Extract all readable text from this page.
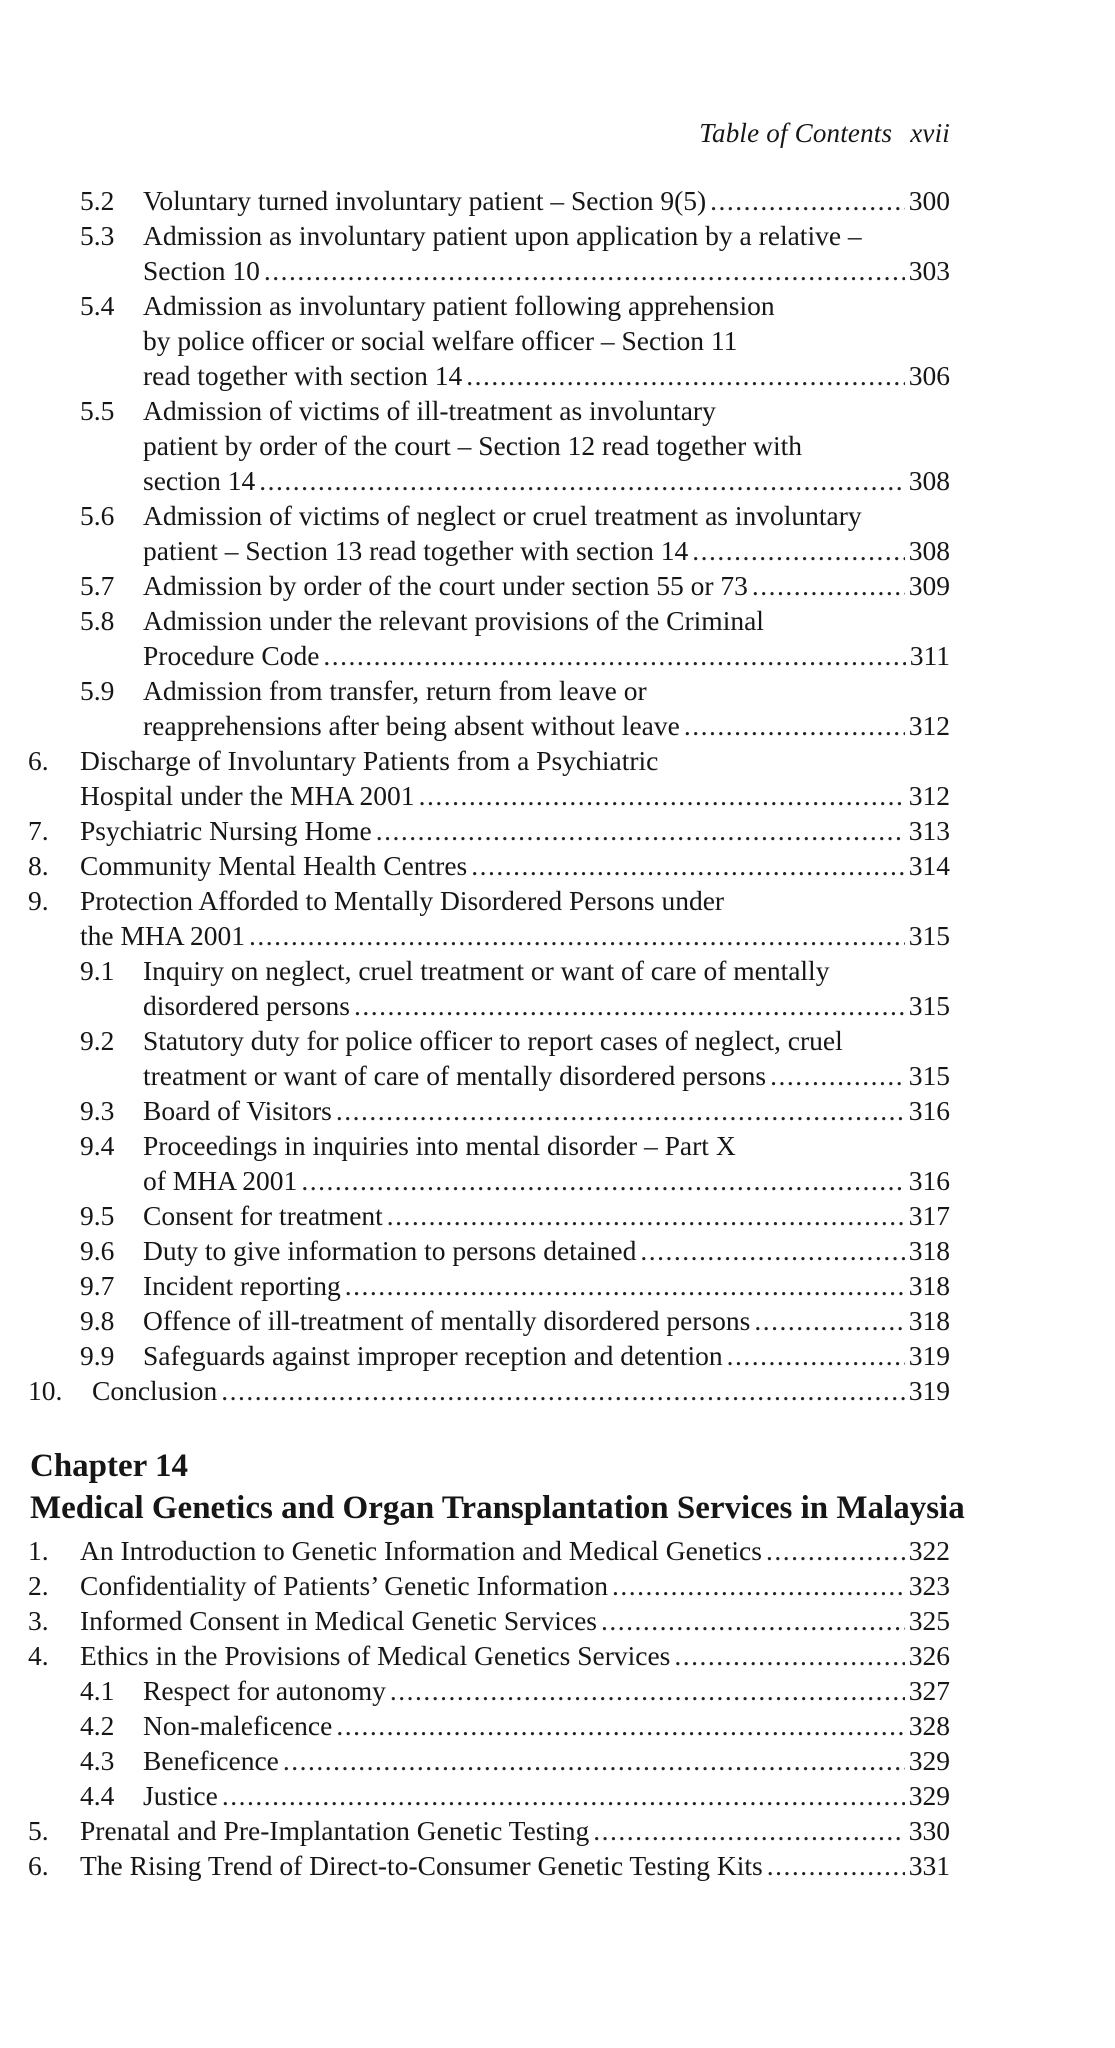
Table of Contents xvii
5.2 Voluntary turned involuntary patient – Section 9(5) .....	300
5.3 Admission as involuntary patient upon application by a relative –
Section 10 .....	303
5.4 Admission as involuntary patient following apprehension
by police officer or social welfare officer – Section 11
read together with section 14 .....	306
5.5 Admission of victims of ill-treatment as involuntary
patient by order of the court – Section 12 read together with
section 14 .....	308
5.6 Admission of victims of neglect or cruel treatment as involuntary
patient – Section 13 read together with section 14 .....	308
5.7 Admission by order of the court under section 55 or 73 .....	309
5.8 Admission under the relevant provisions of the Criminal
Procedure Code .....	311
5.9 Admission from transfer, return from leave or
reapprehensions after being absent without leave .....	312
6. Discharge of Involuntary Patients from a Psychiatric
Hospital under the MHA 2001 .....	312
7. Psychiatric Nursing Home .....	313
8. Community Mental Health Centres .....	314
9. Protection Afforded to Mentally Disordered Persons under
the MHA 2001 .....	315
9.1 Inquiry on neglect, cruel treatment or want of care of mentally
disordered persons .....	315
9.2 Statutory duty for police officer to report cases of neglect, cruel
treatment or want of care of mentally disordered persons .....	315
9.3 Board of Visitors .....	316
9.4 Proceedings in inquiries into mental disorder – Part X
of MHA 2001 .....	316
9.5 Consent for treatment .....	317
9.6 Duty to give information to persons detained .....	318
9.7 Incident reporting .....	318
9.8 Offence of ill-treatment of mentally disordered persons .....	318
9.9 Safeguards against improper reception and detention .....	319
10. Conclusion .....	319
Chapter 14
Medical Genetics and Organ Transplantation Services in Malaysia
1. An Introduction to Genetic Information and Medical Genetics .....	322
2. Confidentiality of Patients’ Genetic Information .....	323
3. Informed Consent in Medical Genetic Services .....	325
4. Ethics in the Provisions of Medical Genetics Services .....	326
4.1 Respect for autonomy .....	327
4.2 Non-maleficence .....	328
4.3 Beneficence .....	329
4.4 Justice .....	329
5. Prenatal and Pre-Implantation Genetic Testing .....	330
6. The Rising Trend of Direct-to-Consumer Genetic Testing Kits .....	331
